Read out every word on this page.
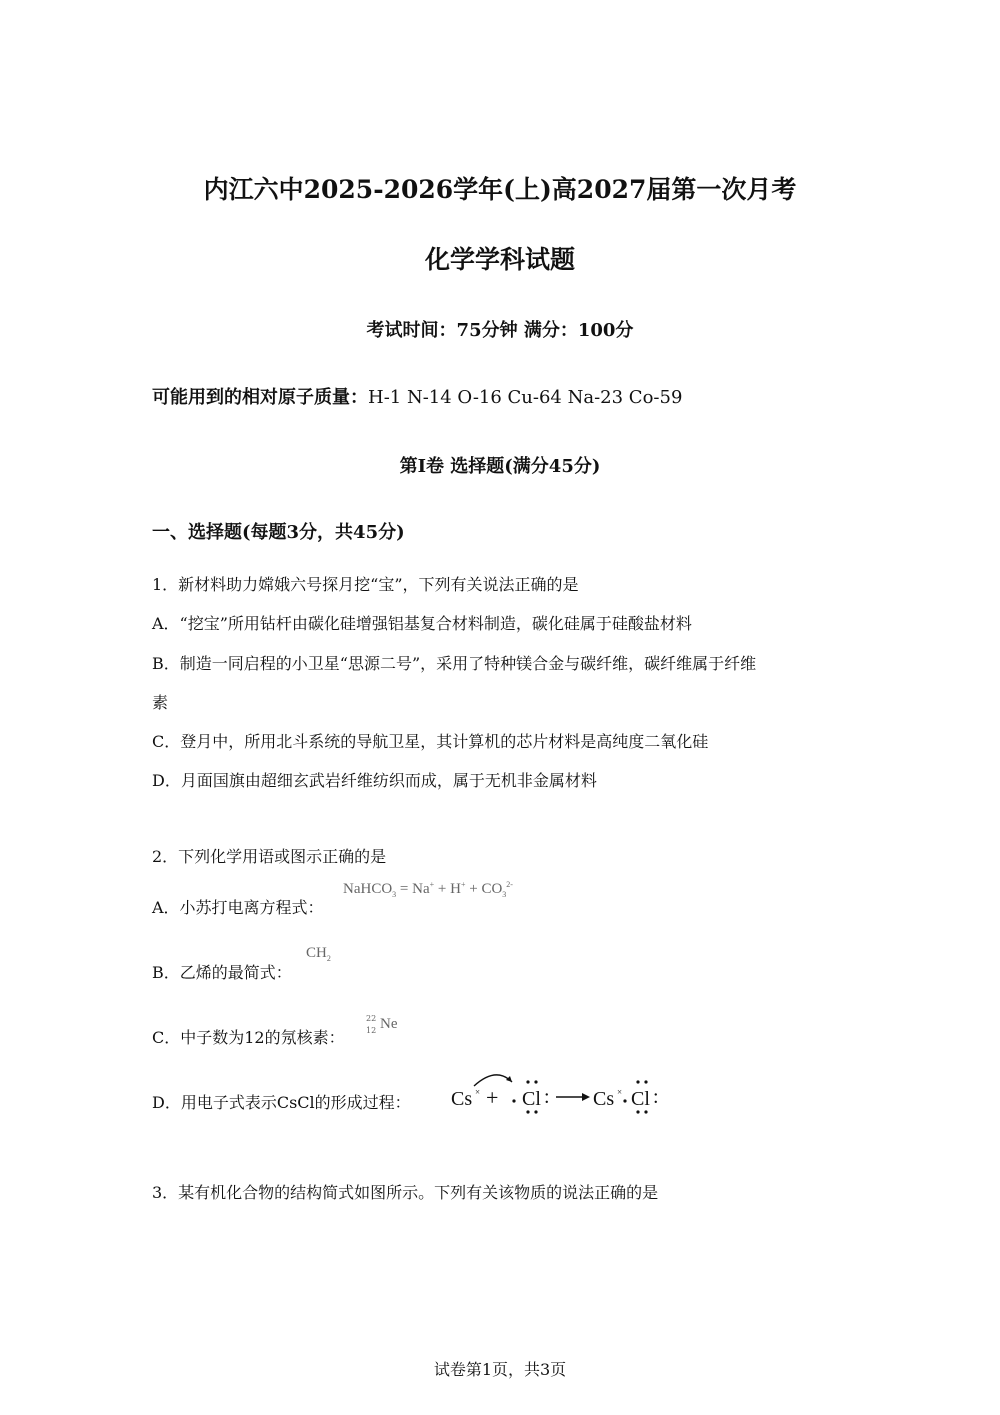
内江六中2025-2026学年(上)高2027届第一次月考
化学学科试题
考试时间：75分钟 满分：100分
可能用到的相对原子质量：H-1 N-14 O-16 Cu-64 Na-23 Co-59
第I卷 选择题(满分45分)
一、选择题(每题3分，共45分)
1．新材料助力嫦娥六号探月挖“宝”，下列有关说法正确的是
A．“挖宝”所用钻杆由碳化硅增强铝基复合材料制造，碳化硅属于硅酸盐材料
B．制造一同启程的小卫星“思源二号”，采用了特种镁合金与碳纤维，碳纤维属于纤维
素
C．登月中，所用北斗系统的导航卫星，其计算机的芯片材料是高纯度二氧化硅
D．月面国旗由超细玄武岩纤维纺织而成，属于无机非金属材料
2．下列化学用语或图示正确的是
A．小苏打电离方程式：
NaHCO$_3$ = $Na^+ + H^+ + CO_3^{2-}$
B．乙烯的最简式：
$CH_2$
C．中子数为12的氖核素：
22
12 Ne
D．用电子式表示CsCl的形成过程： Cs × + Cl : Cs × Cl :
3．某有机化合物的结构简式如图所示。下列有关该物质的说法正确的是
试卷第1页，共3页
